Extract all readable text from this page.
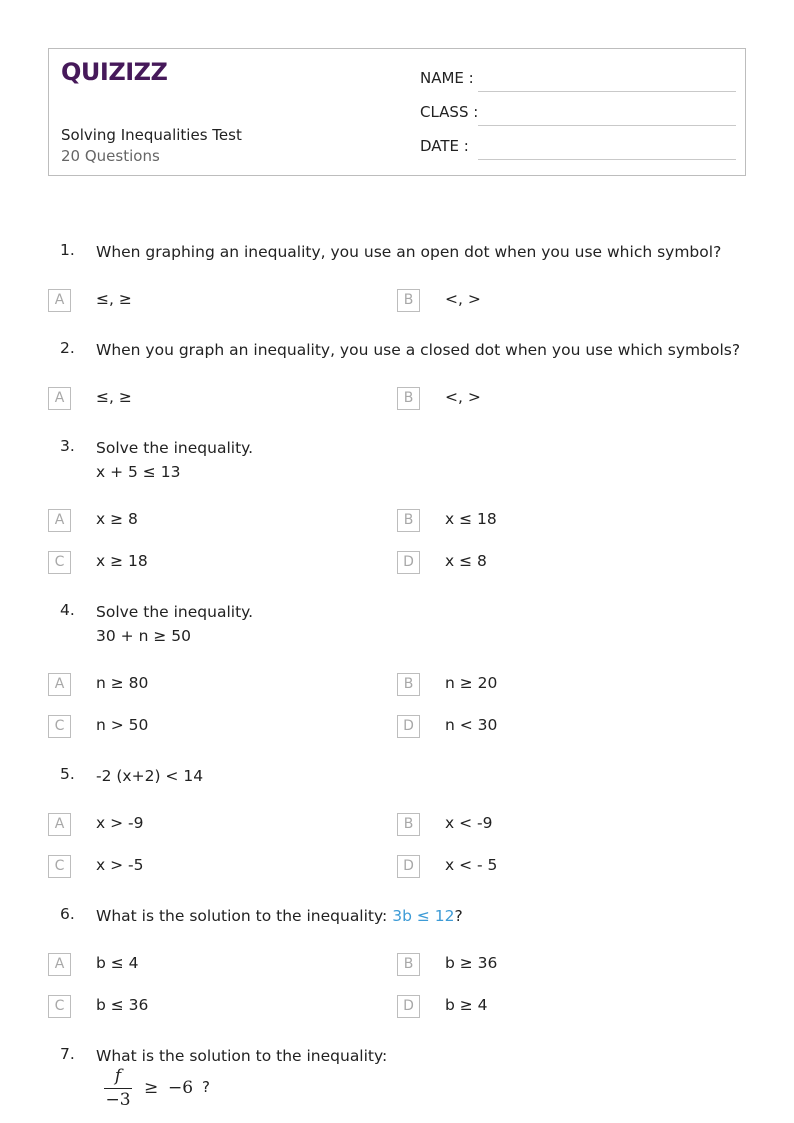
QUIZIZZ
Solving Inequalities Test
20 Questions
NAME :
CLASS :
DATE :
1. When graphing an inequality, you use an open dot when you use which symbol?
A	≤, ≥	B	<, >
2. When you graph an inequality, you use a closed dot when you use which symbols?
A	≤, ≥	B	<, >
3. Solve the inequality.
x + 5 ≤ 13
A	x ≥ 8	B	x ≤ 18
C	x ≥ 18	D	x ≤ 8
4. Solve the inequality.
30 + n ≥ 50
A	n ≥ 80	B	n ≥ 20
C	n > 50	D	n < 30
5. -2 (x+2) < 14
A	x > -9	B	x < -9
C	x > -5	D	x < - 5
6. What is the solution to the inequality: 3b ≤ 12?
A	b ≤ 4	B	b ≥ 36
C	b ≤ 36	D	b ≥ 4
7. What is the solution to the inequality:
f
−3
≥ −6 ?
